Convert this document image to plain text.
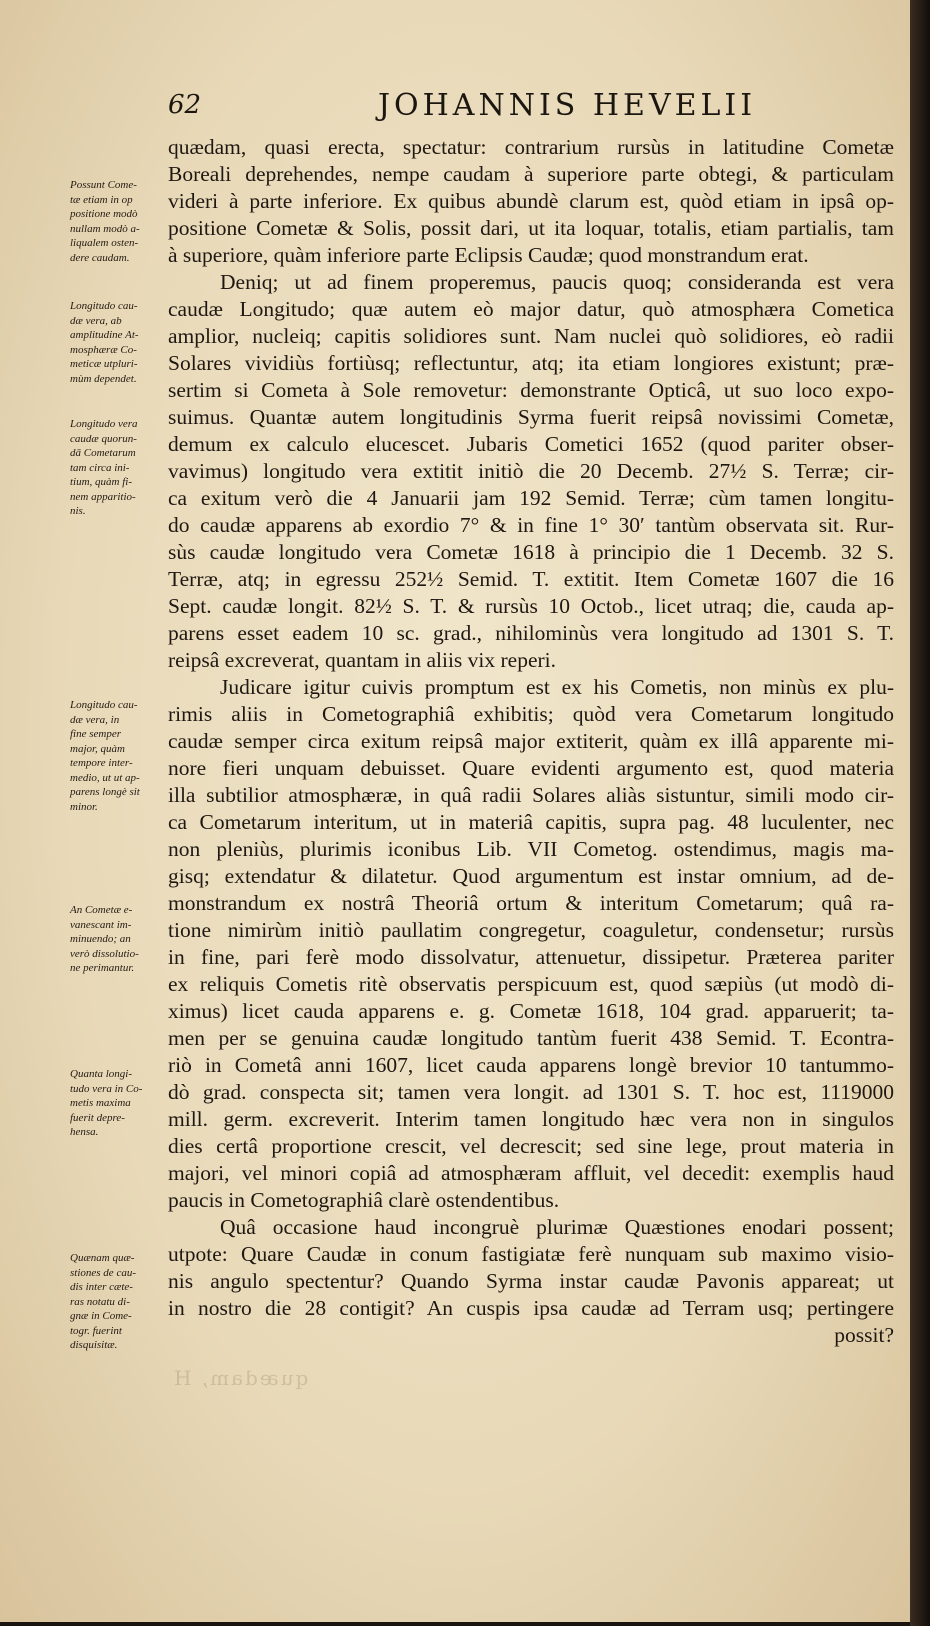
62	JOHANNIS HEVELII
quædam, quasi erecta, spectatur: contrarium rursùs in latitudine Cometæ
Boreali deprehendes, nempe caudam à superiore parte obtegi, & particulam
videri à parte inferiore. Ex quibus abundè clarum est, quòd etiam in ipsâ op-
positione Cometæ & Solis, possit dari, ut ita loquar, totalis, etiam partialis, tam
à superiore, quàm inferiore parte Eclipsis Caudæ; quod monstrandum erat.
Deniq; ut ad finem properemus, paucis quoq; consideranda est vera
caudæ Longitudo; quæ autem eò major datur, quò atmosphæra Cometica
amplior, nucleiq; capitis solidiores sunt. Nam nuclei quò solidiores, eò radii
Solares vividiùs fortiùsq; reflectuntur, atq; ita etiam longiores existunt; præ-
sertim si Cometa à Sole removetur: demonstrante Opticâ, ut suo loco expo-
suimus. Quantæ autem longitudinis Syrma fuerit reipsâ novissimi Cometæ,
demum ex calculo elucescet. Jubaris Cometici 1652 (quod pariter obser-
vavimus) longitudo vera extitit initiò die 20 Decemb. 27½ S. Terræ; cir-
ca exitum verò die 4 Januarii jam 192 Semid. Terræ; cùm tamen longitu-
do caudæ apparens ab exordio 7° & in fine 1° 30′ tantùm observata sit. Rur-
sùs caudæ longitudo vera Cometæ 1618 à principio die 1 Decemb. 32 S.
Terræ, atq; in egressu 252½ Semid. T. extitit. Item Cometæ 1607 die 16
Sept. caudæ longit. 82½ S. T. & rursùs 10 Octob., licet utraq; die, cauda ap-
parens esset eadem 10 sc. grad., nihilominùs vera longitudo ad 1301 S. T.
reipsâ excreverat, quantam in aliis vix reperi.
Judicare igitur cuivis promptum est ex his Cometis, non minùs ex plu-
rimis aliis in Cometographiâ exhibitis; quòd vera Cometarum longitudo
caudæ semper circa exitum reipsâ major extiterit, quàm ex illâ apparente mi-
nore fieri unquam debuisset. Quare evidenti argumento est, quod materia
illa subtilior atmosphæræ, in quâ radii Solares aliàs sistuntur, simili modo cir-
ca Cometarum interitum, ut in materiâ capitis, supra pag. 48 luculenter, nec
non pleniùs, plurimis iconibus Lib. VII Cometog. ostendimus, magis ma-
gisq; extendatur & dilatetur. Quod argumentum est instar omnium, ad de-
monstrandum ex nostrâ Theoriâ ortum & interitum Cometarum; quâ ra-
tione nimirùm initiò paullatim congregetur, coaguletur, condensetur; rursùs
in fine, pari ferè modo dissolvatur, attenuetur, dissipetur. Præterea pariter
ex reliquis Cometis ritè observatis perspicuum est, quod sæpiùs (ut modò di-
ximus) licet cauda apparens e. g. Cometæ 1618, 104 grad. apparuerit; ta-
men per se genuina caudæ longitudo tantùm fuerit 438 Semid. T. Econtra-
riò in Cometâ anni 1607, licet cauda apparens longè brevior 10 tantummo-
dò grad. conspecta sit; tamen vera longit. ad 1301 S. T. hoc est, 1119000
mill. germ. excreverit. Interim tamen longitudo hæc vera non in singulos
dies certâ proportione crescit, vel decrescit; sed sine lege, prout materia in
majori, vel minori copiâ ad atmosphæram affluit, vel decedit: exemplis haud
paucis in Cometographiâ clarè ostendentibus.
Quâ occasione haud incongruè plurimæ Quæstiones enodari possent;
utpote: Quare Caudæ in conum fastigiatæ ferè nunquam sub maximo visio-
nis angulo spectentur? Quando Syrma instar caudæ Pavonis appareat; ut
in nostro die 28 contigit? An cuspis ipsa caudæ ad Terram usq; pertingere
possit?
Possunt Come-
tæ etiam in op
positione modò
nullam modò a-
liqualem osten-
dere caudam.
Longitudo cau-
dæ vera, ab
amplitudine At-
mosphæræ Co-
meticæ utpluri-
mùm dependet.
Longitudo vera
caudæ quorun-
dā Cometarum
tam circa ini-
tium, quàm fi-
nem apparitio-
nis.
Longitudo cau-
dæ vera, in
fine semper
major, quàm
tempore inter-
medio, ut ut ap-
parens longè sit
minor.
An Cometæ e-
vanescant im-
minuendo; an
verò dissolutio-
ne perimantur.
Quanta longi-
tudo vera in Co-
metis maxima
fuerit depre-
hensa.
Quænam quæ-
stiones de cau-
dis inter cæte-
ras notatu di-
gnæ in Come-
togr. fuerint
disquisitæ.
quædam, H
